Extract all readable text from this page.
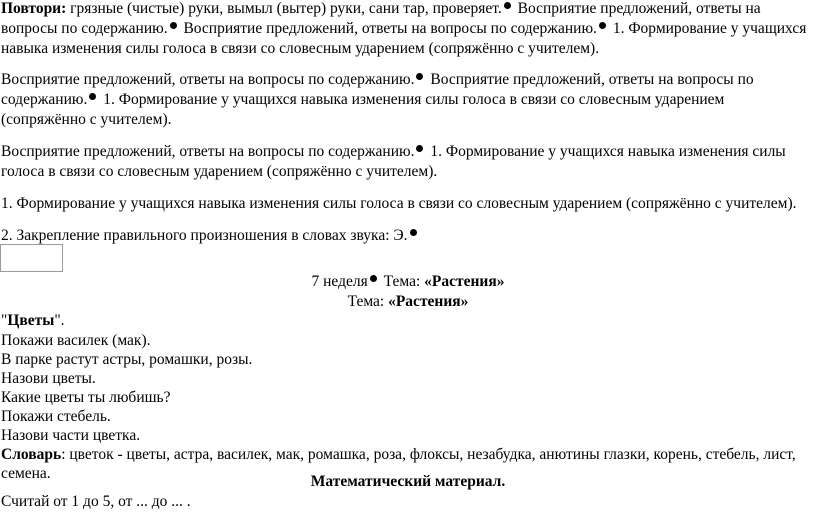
Повтори: грязные (чистые) руки, вымыл (вытер) руки, сани тар, проверяет. Восприятие предложений, ответы на
вопросы по содержанию. Восприятие предложений, ответы на вопросы по содержанию. 1. Формирование у учащихся
навыка изменения силы голоса в связи со словесным ударением (сопряжённо с учителем).
Восприятие предложений, ответы на вопросы по содержанию. Восприятие предложений, ответы на вопросы по
содержанию. 1. Формирование у учащихся навыка изменения силы голоса в связи со словесным ударением
(сопряжённо с учителем).
Восприятие предложений, ответы на вопросы по содержанию. 1. Формирование у учащихся навыка изменения силы
голоса в связи со словесным ударением (сопряжённо с учителем).
1. Формирование у учащихся навыка изменения силы голоса в связи со словесным ударением (сопряжённо с учителем).
2. Закрепление правильного произношения в словах звука: Э.
7 неделя Тема: «Растения»
Тема: «Растения»
"Цветы".
Покажи василек (мак).
В парке растут астры, ромашки, розы.
Назови цветы.
Какие цветы ты любишь?
Покажи стебель.
Назови части цветка.
Словарь: цветок - цветы, астра, василек, мак, ромашка, роза, флоксы, незабудка, анютины глазки, корень, стебель, лист,
семена.	Математический материал.
Считай от 1 до 5, от ... до ... .
